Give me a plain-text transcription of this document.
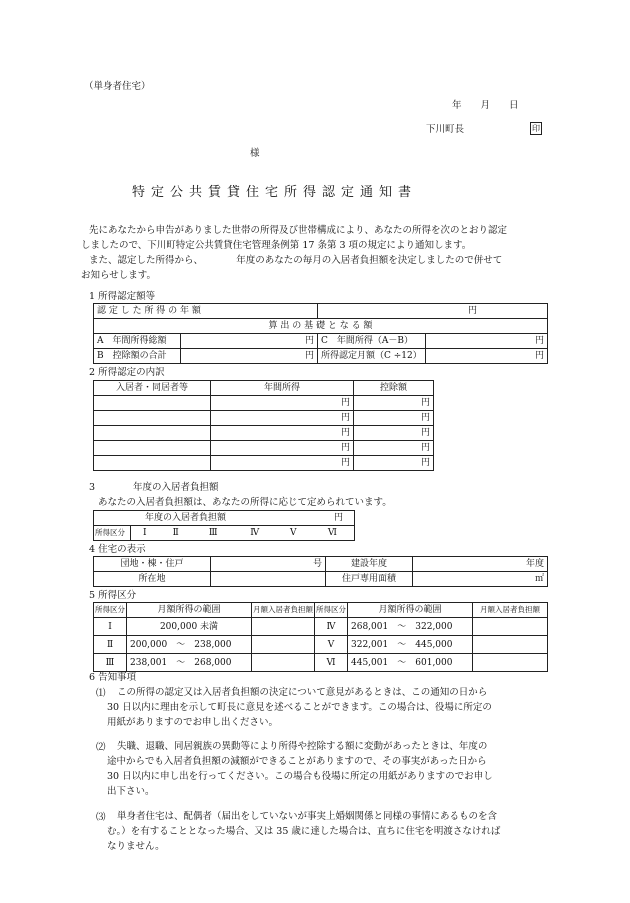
（単身者住宅）
年　　月　　日
下川町長	印
様
特定公共賃貸住宅所得認定通知書
先にあなたから申告がありました世帯の所得及び世帯構成により、あなたの所得を次のとおり認定
しましたので、下川町特定公共賃貸住宅管理条例第 17 条第 3 項の規定により通知します。
また、認定した所得から、　　　　年度のあなたの毎月の入居者負担額を決定しましたので併せて
お知らせします。
1 所得認定額等
認 定 し た 所 得 の 年 額		円	
算 出 の 基 礎 と な る 額			
A　年間所得総額	円	C　年間所得（A－B）	円
B　控除額の合計	円	所得認定月額（C ÷12）	円
2 所得認定の内訳
入居者・同居者等	年間所得	控除額
	円	円
	円	円
	円	円
	円	円
	円	円
3　　　　年度の入居者負担額
あなたの入居者負担額は、あなたの所得に応じて定められています。
　　年度の入居者負担額	円

所得区分	Ⅰ	Ⅱ	Ⅲ	Ⅳ	Ⅴ	Ⅵ
4 住宅の表示
団地・棟・住戸	号	建設年度	年度
所在地		住戸専用面積	㎡
5 所得区分
所得区分	月額所得の範囲	月額入居者負担額	所得区分	月額所得の範囲	月額入居者負担額
Ⅰ	200,000 未満		Ⅳ	268,001　 ～　 322,000	
Ⅱ	200,000　 ～　 238,000		Ⅴ	322,001　 ～　 445,000	
Ⅲ	238,001　 ～　 268,000		Ⅵ	445,001　 ～　 601,000	
6 告知事項
⑴ この所得の認定又は入居者負担額の決定について意見があるときは、この通知の日から
30 日以内に理由を示して町長に意見を述べることができます。この場合は、役場に所定の
用紙がありますのでお申し出ください。
⑵ 失職、退職、同居親族の異動等により所得や控除する額に変動があったときは、年度の
途中からでも入居者負担額の減額ができることがありますので、その事実があった日から
30 日以内に申し出を行ってください。この場合も役場に所定の用紙がありますのでお申し
出下さい。
⑶ 単身者住宅は、配偶者（届出をしていないが事実上婚姻関係と同様の事情にあるものを含
む。）を有することとなった場合、又は 35 歳に達した場合は、直ちに住宅を明渡さなければ
なりません。
